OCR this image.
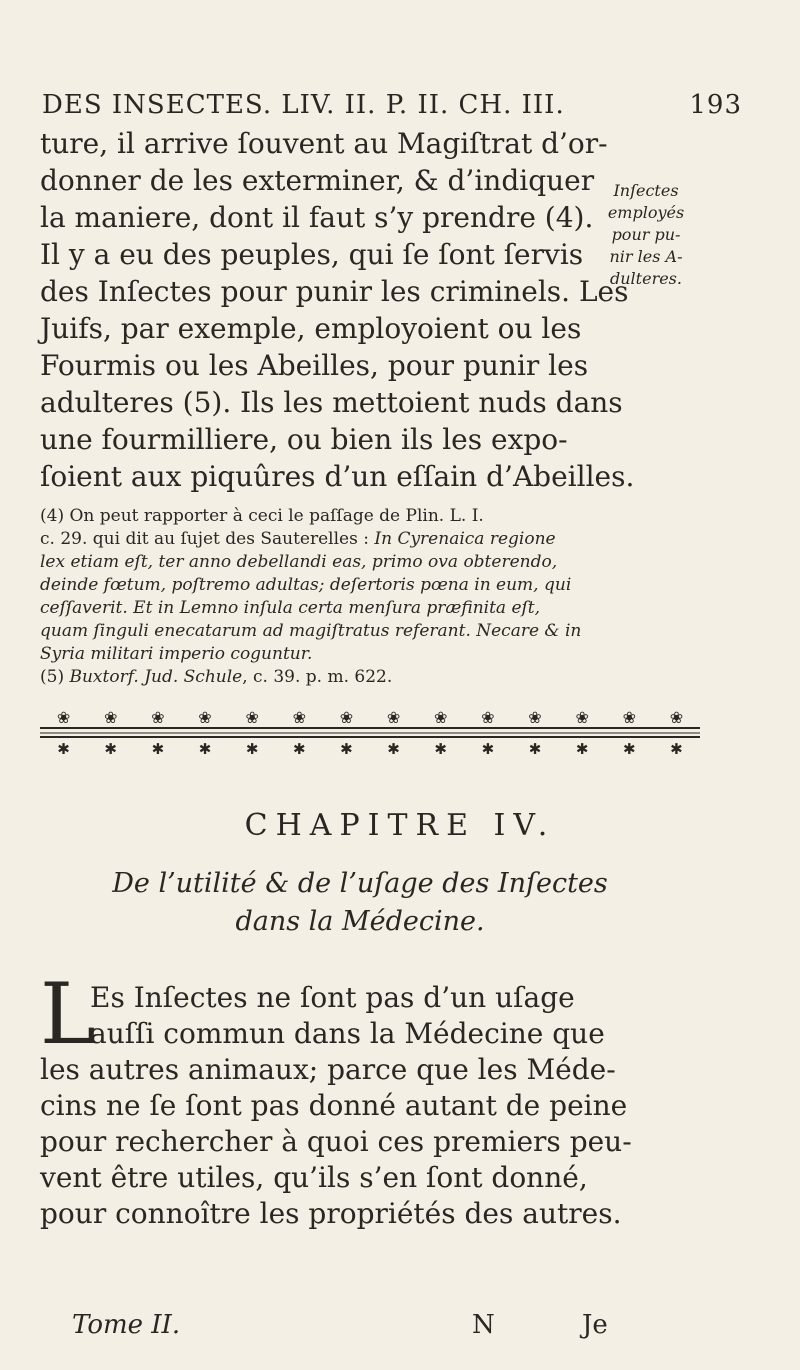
DES INSECTES. LIV. II. P. II. CH. III.	193
ture, il arrive ſouvent au Magiſtrat d’or-
donner de les exterminer, & d’indiquer
la maniere, dont il faut s’y prendre (4).
Il y a eu des peuples, qui ſe ſont ſervis
des Inſectes pour punir les criminels. Les
Juifs, par exemple, employoient ou les
Fourmis ou les Abeilles, pour punir les
adulteres (5). Ils les mettoient nuds dans
une fourmilliere, ou bien ils les expo-
ſoient aux piquûres d’un eſſain d’Abeilles.
Inſectes
employés
pour pu-
nir les A-
dulteres.
(4) On peut rapporter à ceci le paſſage de Plin. L. I.
c. 29. qui dit au ſujet des Sauterelles : In Cyrenaica regione
lex etiam eſt, ter anno debellandi eas, primo ova obterendo,
deinde fœtum, poſtremo adultas; deſertoris pœna in eum, qui
ceſſaverit. Et in Lemno inſula certa menſura præfinita eſt,
quam ſinguli enecatarum ad magiſtratus referant. Necare & in
Syria militari imperio coguntur.
(5) Buxtorf. Jud. Schule, c. 39. p. m. 622.
❀ ❀ ❀ ❀ ❀ ❀ ❀ ❀ ❀ ❀ ❀ ❀ ❀ ❀
✱ ✱ ✱ ✱ ✱ ✱ ✱ ✱ ✱ ✱ ✱ ✱ ✱ ✱
CHAPITRE IV.
De l’utilité & de l’uſage des Inſectes
dans la Médecine.
L
Es Inſectes ne ſont pas d’un uſage
auſſi commun dans la Médecine que
les autres animaux; parce que les Méde-
cins ne ſe ſont pas donné autant de peine
pour rechercher à quoi ces premiers peu-
vent être utiles, qu’ils s’en ſont donné,
pour connoître les propriétés des autres.
Tome II.	N	Je
